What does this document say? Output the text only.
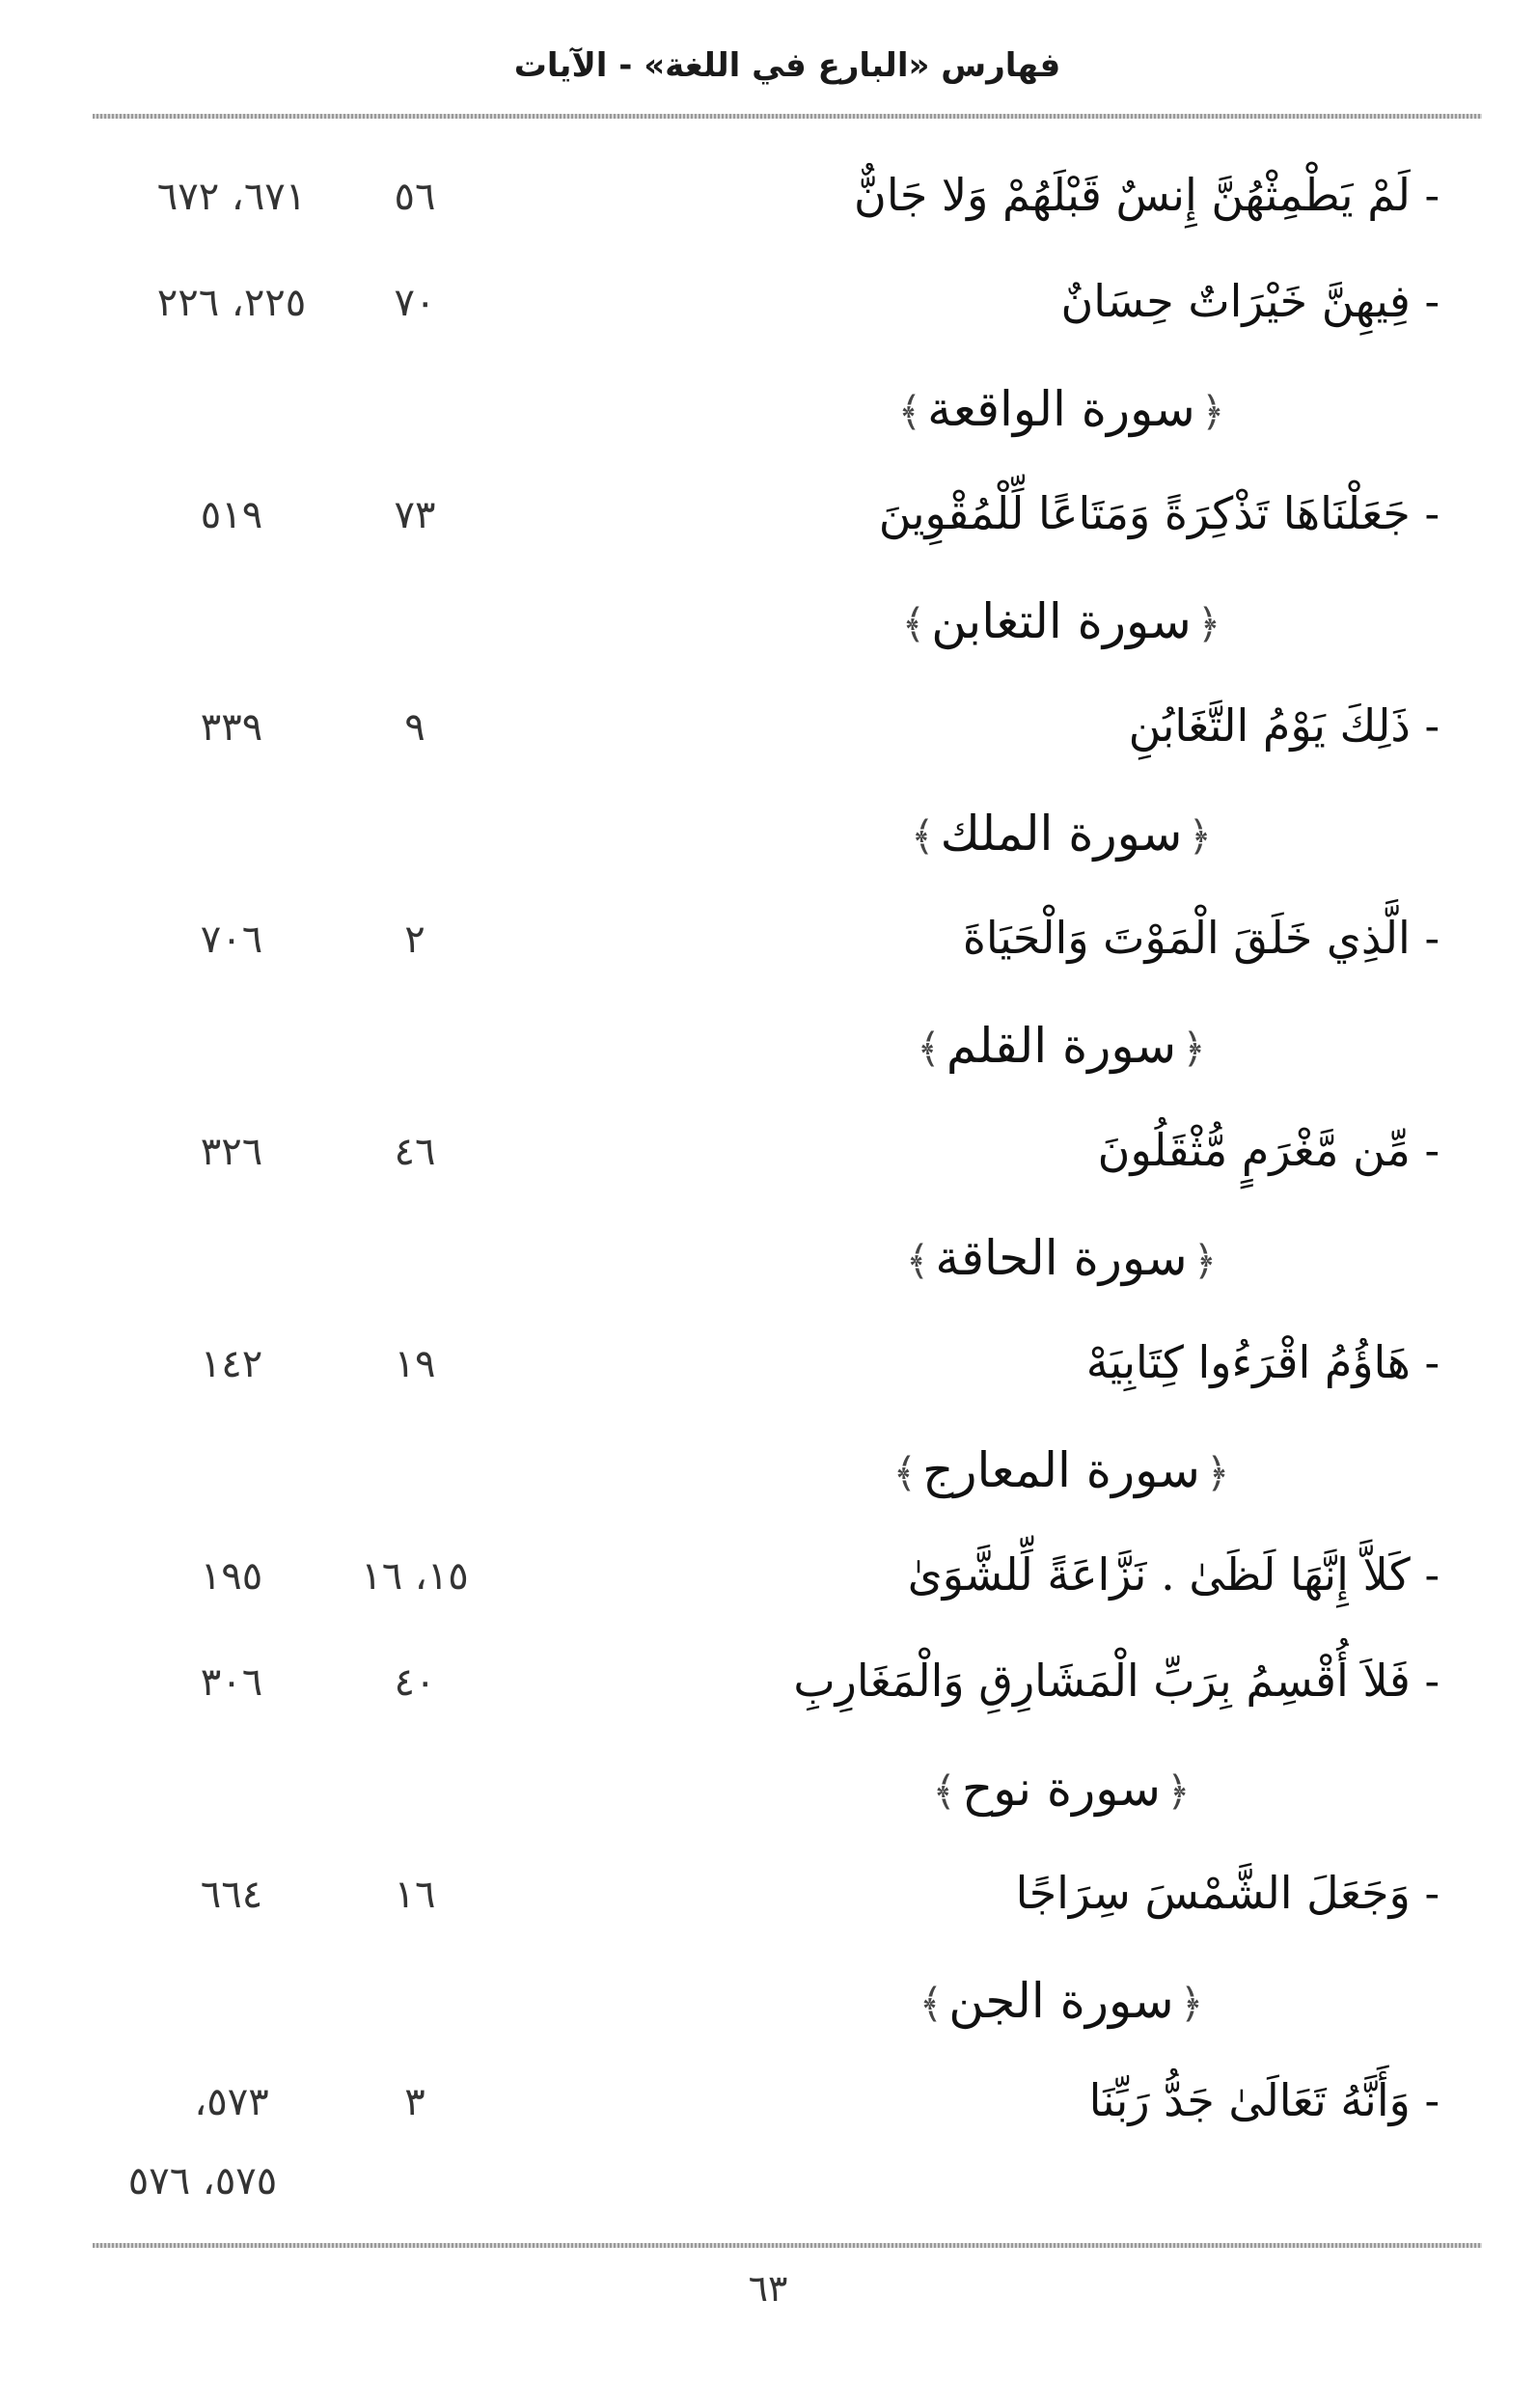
فهارس «البارع في اللغة» - الآيات
- لَمْ يَطْمِثْهُنَّ إِنسٌ قَبْلَهُمْ وَلا جَانٌّ
٥٦
٦٧١، ٦٧٢
- فِيهِنَّ خَيْرَاتٌ حِسَانٌ
٧٠
٢٢٥، ٢٢٦
﴿سورة الواقعة﴾
- جَعَلْنَاهَا تَذْكِرَةً وَمَتَاعًا لِّلْمُقْوِينَ
٧٣
٥١٩
﴿سورة التغابن﴾
- ذَلِكَ يَوْمُ التَّغَابُنِ
٩
٣٣٩
﴿سورة الملك﴾
- الَّذِي خَلَقَ الْمَوْتَ وَالْحَيَاةَ
٢
٧٠٦
﴿سورة القلم﴾
- مِّن مَّغْرَمٍ مُّثْقَلُونَ
٤٦
٣٢٦
﴿سورة الحاقة﴾
- هَاؤُمُ اقْرَءُوا كِتَابِيَهْ
١٩
١٤٢
﴿سورة المعارج﴾
- كَلاَّ إِنَّهَا لَظَىٰ . نَزَّاعَةً لِّلشَّوَىٰ
١٥، ١٦
١٩٥
- فَلاَ أُقْسِمُ بِرَبِّ الْمَشَارِقِ وَالْمَغَارِبِ
٤٠
٣٠٦
﴿سورة نوح﴾
- وَجَعَلَ الشَّمْسَ سِرَاجًا
١٦
٦٦٤
﴿سورة الجن﴾
- وَأَنَّهُ تَعَالَىٰ جَدُّ رَبِّنَا
٣
٥٧٣،
٥٧٥، ٥٧٦
٦٣
